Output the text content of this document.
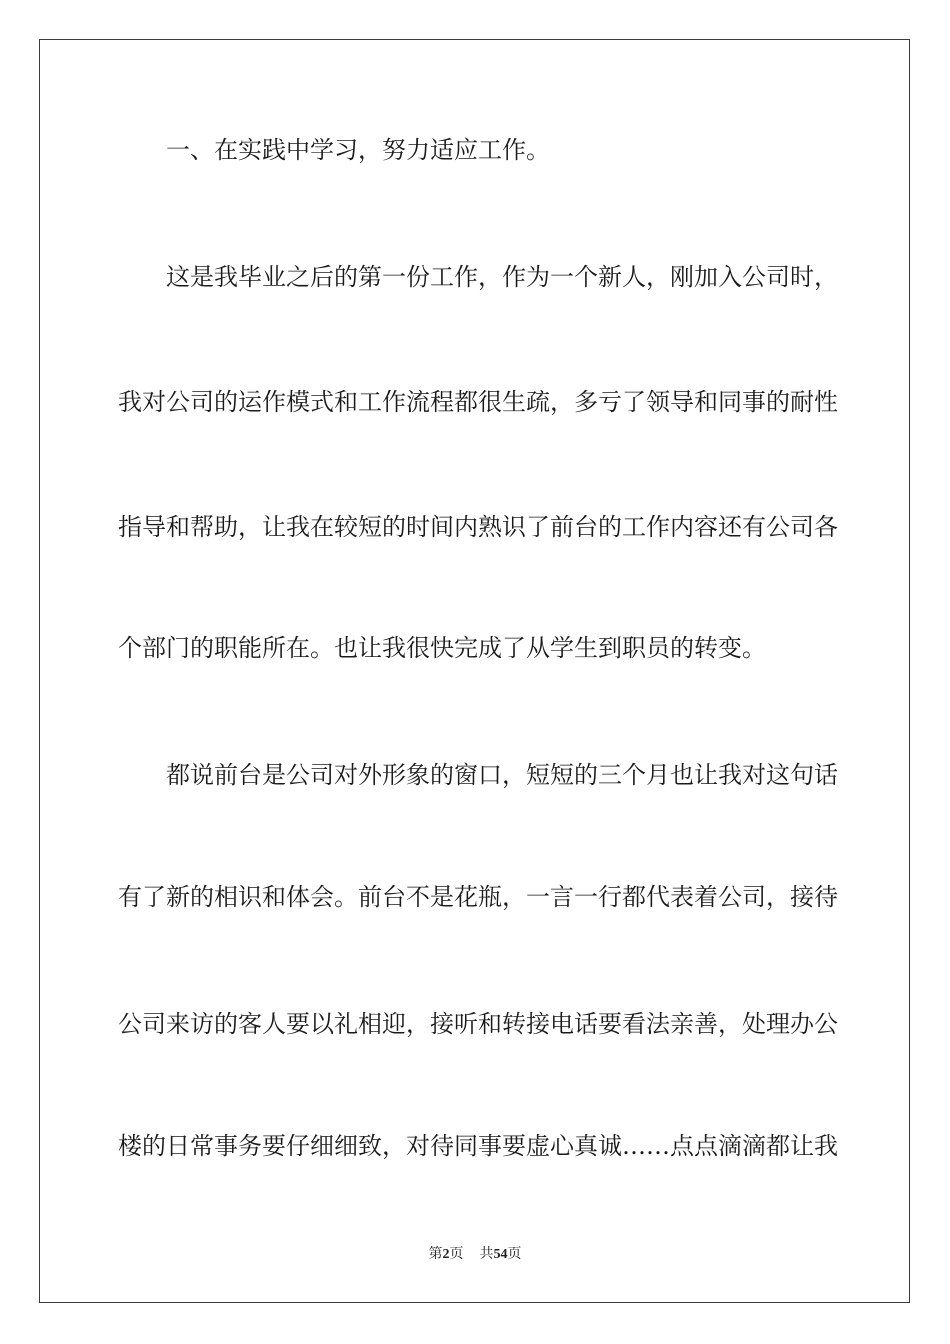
一、在实践中学习，努力适应工作。
这是我毕业之后的第一份工作，作为一个新人，刚加入公司时，
我对公司的运作模式和工作流程都很生疏，多亏了领导和同事的耐性
指导和帮助，让我在较短的时间内熟识了前台的工作内容还有公司各
个部门的职能所在。也让我很快完成了从学生到职员的转变。
都说前台是公司对外形象的窗口，短短的三个月也让我对这句话
有了新的相识和体会。前台不是花瓶，一言一行都代表着公司，接待
公司来访的客人要以礼相迎，接听和转接电话要看法亲善，处理办公
楼的日常事务要仔细细致，对待同事要虚心真诚……点点滴滴都让我
第2页 共54页
